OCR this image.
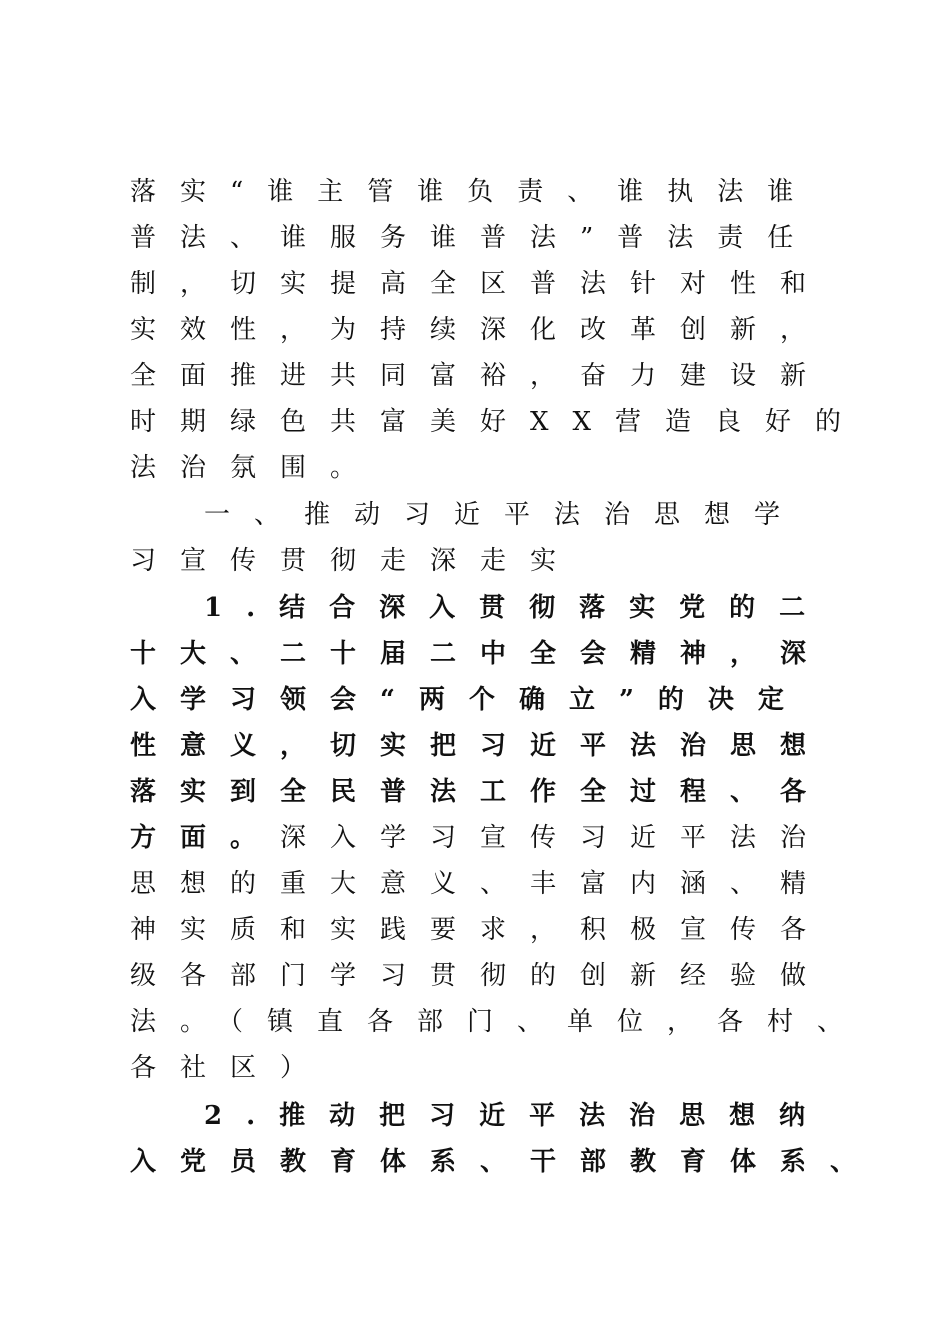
落实“谁主管谁负责、谁执法谁
普法、谁服务谁普法”普法责任
制，切实提高全区普法针对性和
实效性，为持续深化改革创新，
全面推进共同富裕，奋力建设新
时期绿色共富美好XX营造良好的
法治氛围。
一、推动习近平法治思想学
习宣传贯彻走深走实
1.结合深入贯彻落实党的二
十大、二十届二中全会精神，深
入学习领会“两个确立”的决定
性意义，切实把习近平法治思想
落实到全民普法工作全过程、各
方面。深入学习宣传习近平法治
思想的重大意义、丰富内涵、精
神实质和实践要求，积极宣传各
级各部门学习贯彻的创新经验做
法。（镇直各部门、单位，各村、
各社区）
2.推动把习近平法治思想纳
入党员教育体系、干部教育体系、
